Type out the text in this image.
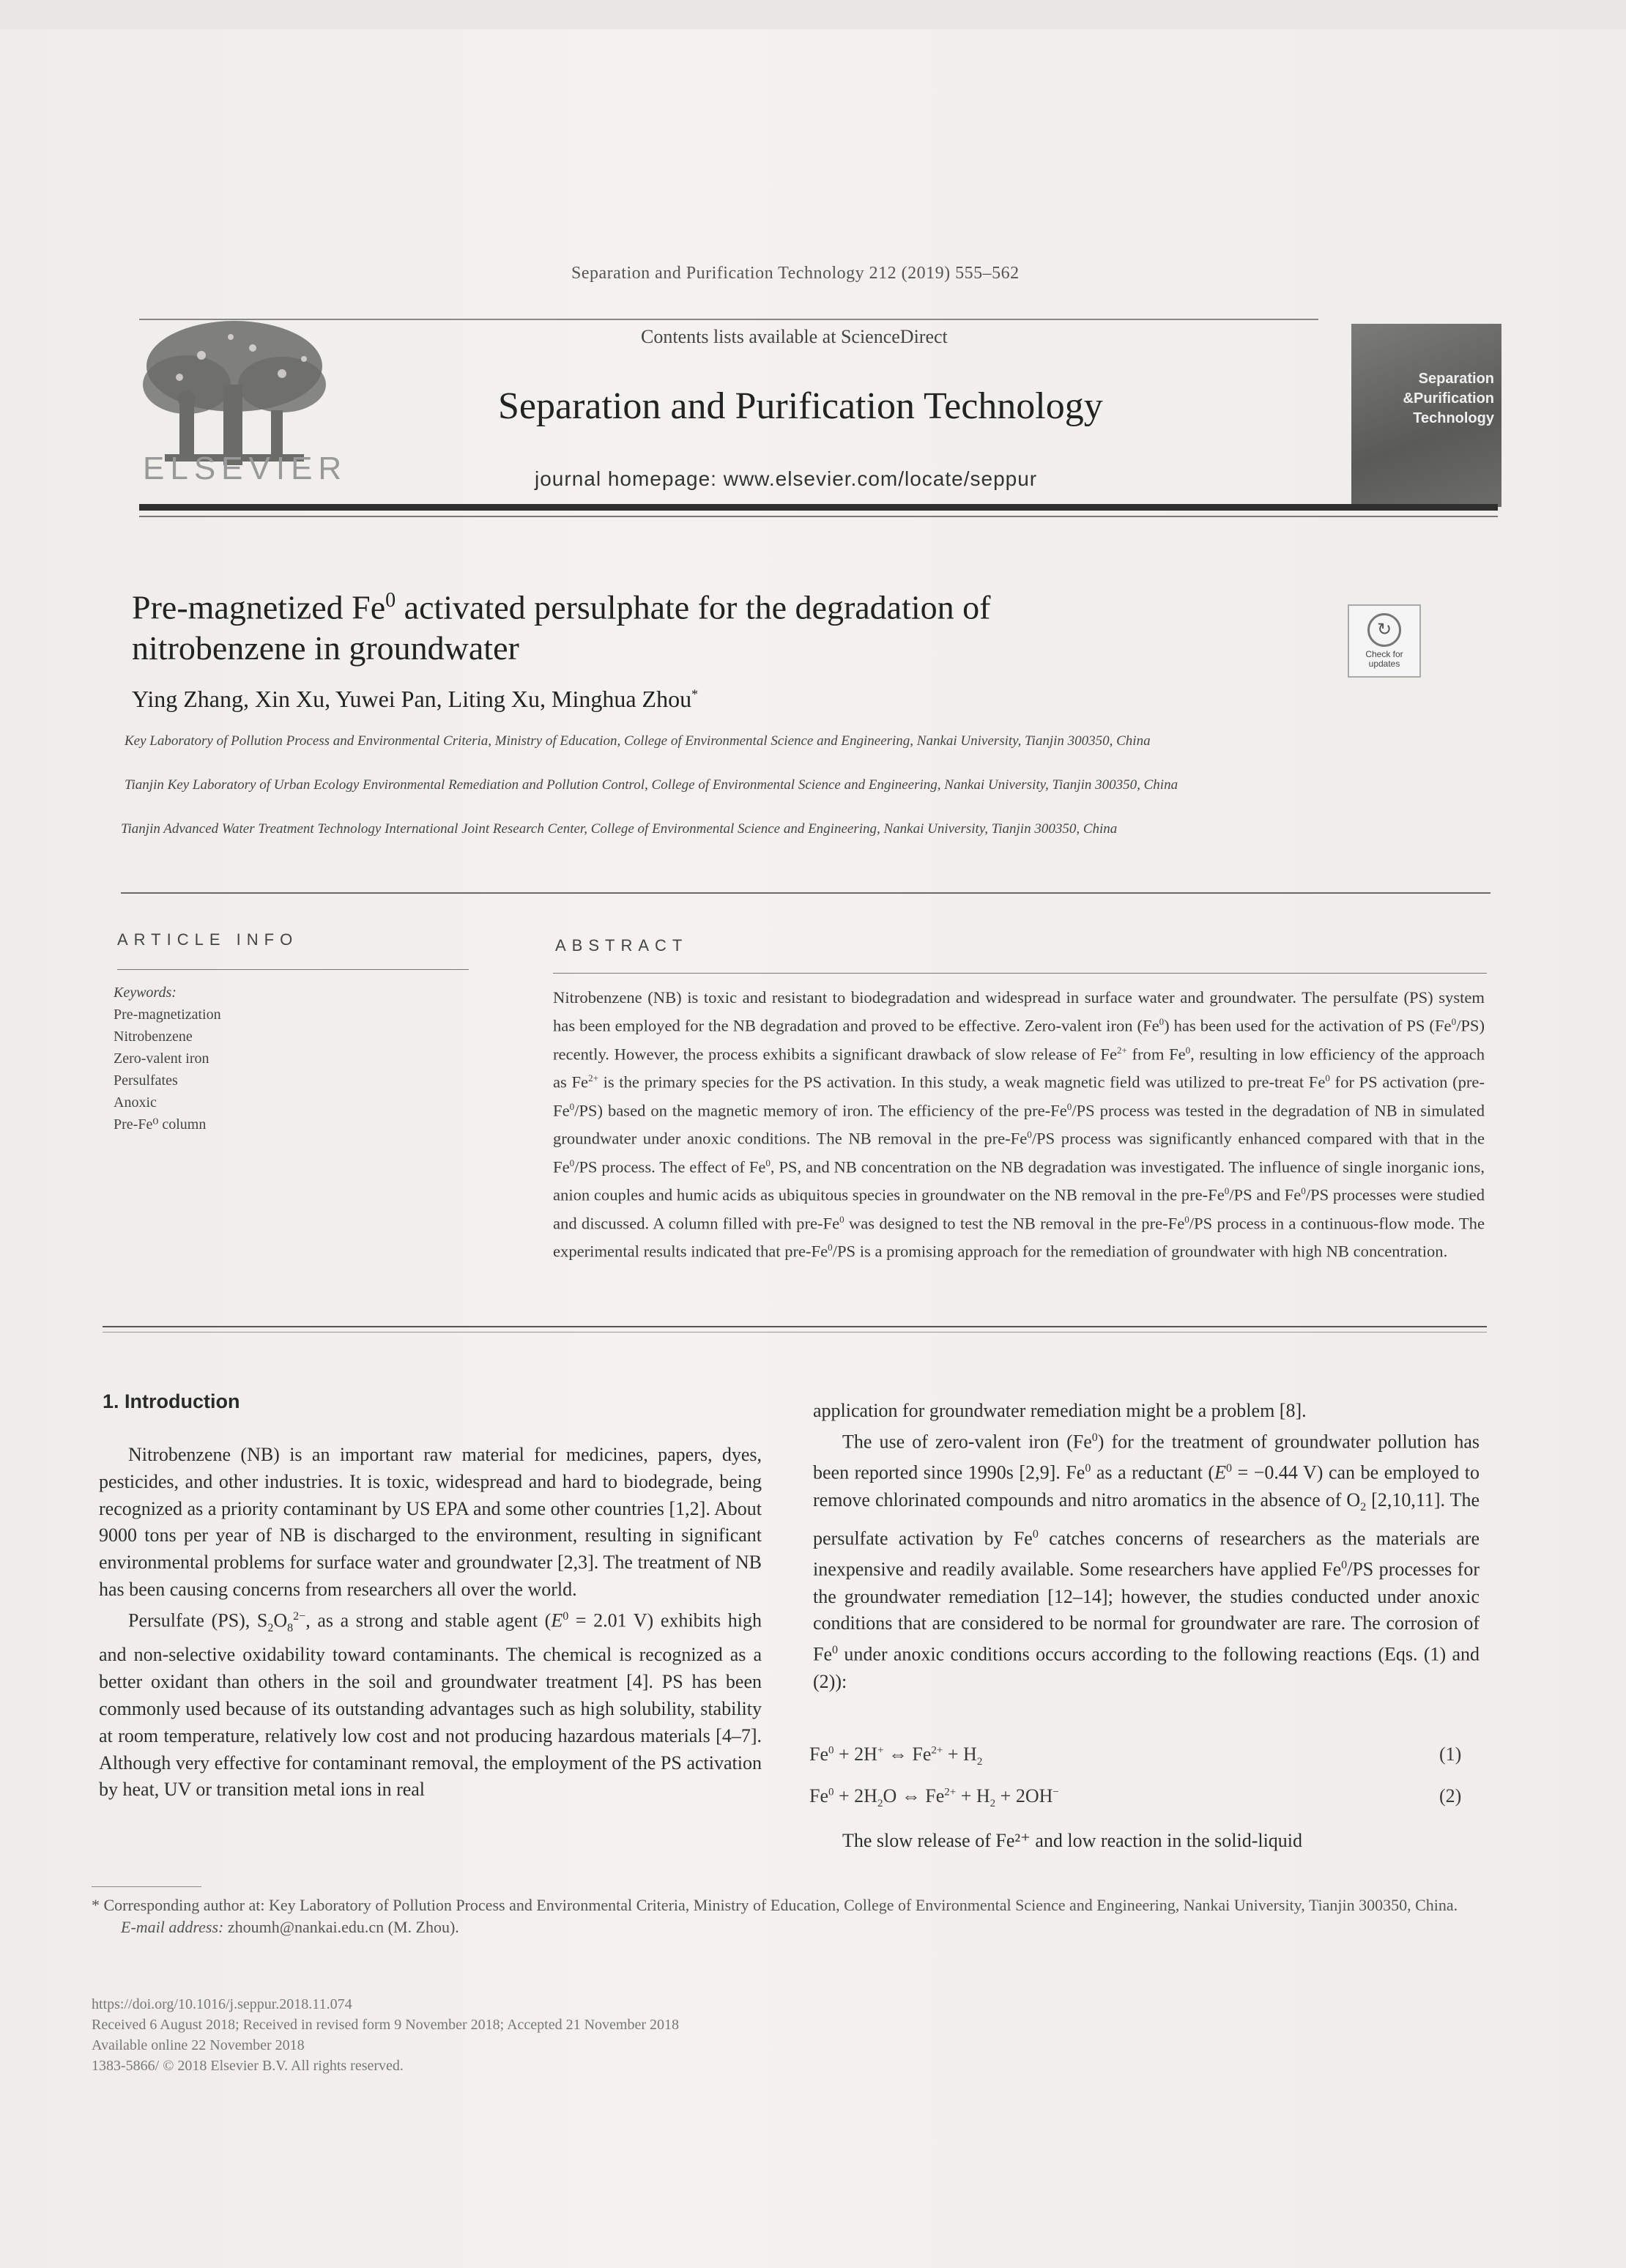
Separation and Purification Technology 212 (2019) 555–562
ELSEVIER
Contents lists available at ScienceDirect
Separation and Purification Technology
journal homepage: www.elsevier.com/locate/seppur
Separation
&Purification
Technology
Pre-magnetized Fe$^0$ activated persulphate for the degradation of
nitrobenzene in groundwater	↻
Check for updates
Ying Zhang, Xin Xu, Yuwei Pan, Liting Xu, Minghua Zhou*
Key Laboratory of Pollution Process and Environmental Criteria, Ministry of Education, College of Environmental Science and Engineering, Nankai University, Tianjin 300350, China
Tianjin Key Laboratory of Urban Ecology Environmental Remediation and Pollution Control, College of Environmental Science and Engineering, Nankai University, Tianjin 300350, China
Tianjin Advanced Water Treatment Technology International Joint Research Center, College of Environmental Science and Engineering, Nankai University, Tianjin 300350, China
ARTICLE INFO
Keywords:
Pre-magnetization
Nitrobenzene
Zero-valent iron
Persulfates
Anoxic
Pre-Fe⁰ column
ABSTRACT
Nitrobenzene (NB) is toxic and resistant to biodegradation and widespread in surface water and groundwater. The persulfate (PS) system has been employed for the NB degradation and proved to be effective. Zero-valent iron (Fe$^0$) has been used for the activation of PS (Fe$^0$/PS) recently. However, the process exhibits a significant drawback of slow release of $Fe^{2+}$ from Fe$^0$, resulting in low efficiency of the approach as $Fe^{2+}$ is the primary species for the PS activation. In this study, a weak magnetic field was utilized to pre-treat Fe$^0$ for PS activation (pre-Fe$^0$/PS) based on the magnetic memory of iron. The efficiency of the pre-Fe$^0$/PS process was tested in the degradation of NB in simulated groundwater under anoxic conditions. The NB removal in the pre-Fe$^0$/PS process was significantly enhanced compared with that in the Fe$^0$/PS process. The effect of Fe$^0$, PS, and NB concentration on the NB degradation was investigated. The influence of single inorganic ions, anion couples and humic acids as ubiquitous species in groundwater on the NB removal in the pre-Fe$^0$/PS and Fe$^0$/PS processes were studied and discussed. A column filled with pre-Fe$^0$ was designed to test the NB removal in the pre-Fe$^0$/PS process in a continuous-flow mode. The experimental results indicated that pre-Fe$^0$/PS is a promising approach for the remediation of groundwater with high NB concentration.
1. Introduction

Nitrobenzene (NB) is an important raw material for medicines, papers, dyes, pesticides, and other industries. It is toxic, widespread and hard to biodegrade, being recognized as a priority contaminant by US EPA and some other countries [1,2]. About 9000 tons per year of NB is discharged to the environment, resulting in significant environmental problems for surface water and groundwater [2,3]. The treatment of NB has been causing concerns from researchers all over the world.

Persulfate (PS), $S_2O_8^{2-}$, as a strong and stable agent ($E^0 = 2.01$ V) exhibits high and non-selective oxidability toward contaminants. The chemical is recognized as a better oxidant than others in the soil and groundwater treatment [4]. PS has been commonly used because of its outstanding advantages such as high solubility, stability at room temperature, relatively low cost and not producing hazardous materials [4–7]. Although very effective for contaminant removal, the employment of the PS activation by heat, UV or transition metal ions in real

application for groundwater remediation might be a problem [8].

The use of zero-valent iron (Fe$^0$) for the treatment of groundwater pollution has been reported since 1990s [2,9]. Fe$^0$ as a reductant ($E^0 = -0.44$ V) can be employed to remove chlorinated compounds and nitro aromatics in the absence of $O_2$ [2,10,11]. The persulfate activation by Fe$^0$ catches concerns of researchers as the materials are inexpensive and readily available. Some researchers have applied Fe$^0$/PS processes for the groundwater remediation [12–14]; however, the studies conducted under anoxic conditions that are considered to be normal for groundwater are rare. The corrosion of Fe$^0$ under anoxic conditions occurs according to the following reactions (Eqs. (1) and (2)):

$Fe^0 + 2H^+$ ⇔ $Fe^{2+} + H_2$	(1)
$Fe^0 + 2H_2O$ ⇔ $Fe^{2+} + H_2 + 2OH^-$	(2)
The slow release of Fe²⁺ and low reaction in the solid-liquid
* Corresponding author at: Key Laboratory of Pollution Process and Environmental Criteria, Ministry of Education, College of Environmental Science and Engineering, Nankai University, Tianjin 300350, China.
E-mail address: zhoumh@nankai.edu.cn (M. Zhou).
https://doi.org/10.1016/j.seppur.2018.11.074
Received 6 August 2018; Received in revised form 9 November 2018; Accepted 21 November 2018
Available online 22 November 2018
1383-5866/ © 2018 Elsevier B.V. All rights reserved.
